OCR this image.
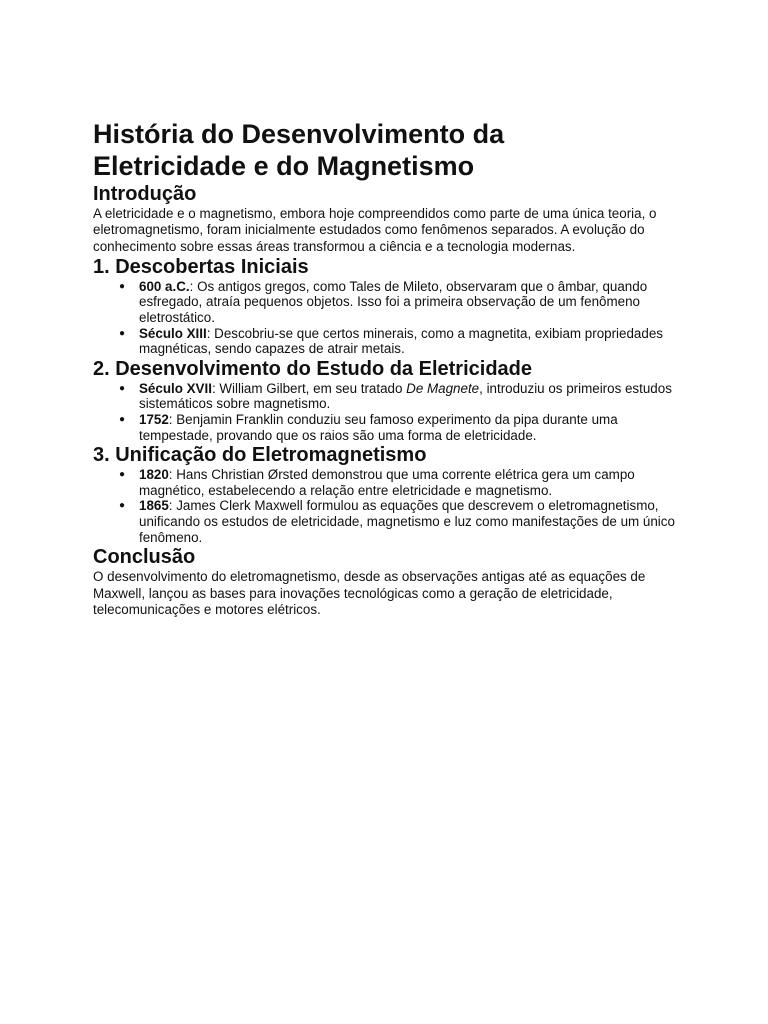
História do Desenvolvimento da Eletricidade e do Magnetismo
Introdução

A eletricidade e o magnetismo, embora hoje compreendidos como parte de uma única teoria, o eletromagnetismo, foram inicialmente estudados como fenômenos separados. A evolução do conhecimento sobre essas áreas transformou a ciência e a tecnologia modernas.

1. Descobertas Iniciais
● 600 a.C.: Os antigos gregos, como Tales de Mileto, observaram que o âmbar, quando esfregado, atraía pequenos objetos. Isso foi a primeira observação de um fenômeno eletrostático.
● Século XIII: Descobriu-se que certos minerais, como a magnetita, exibiam propriedades magnéticas, sendo capazes de atrair metais.
2. Desenvolvimento do Estudo da Eletricidade
● Século XVII: William Gilbert, em seu tratado De Magnete, introduziu os primeiros estudos sistemáticos sobre magnetismo.
● 1752: Benjamin Franklin conduziu seu famoso experimento da pipa durante uma tempestade, provando que os raios são uma forma de eletricidade.
3. Unificação do Eletromagnetismo
● 1820: Hans Christian Ørsted demonstrou que uma corrente elétrica gera um campo magnético, estabelecendo a relação entre eletricidade e magnetismo.
● 1865: James Clerk Maxwell formulou as equações que descrevem o eletromagnetismo, unificando os estudos de eletricidade, magnetismo e luz como manifestações de um único fenômeno.
Conclusão

O desenvolvimento do eletromagnetismo, desde as observações antigas até as equações de Maxwell, lançou as bases para inovações tecnológicas como a geração de eletricidade, telecomunicações e motores elétricos.
